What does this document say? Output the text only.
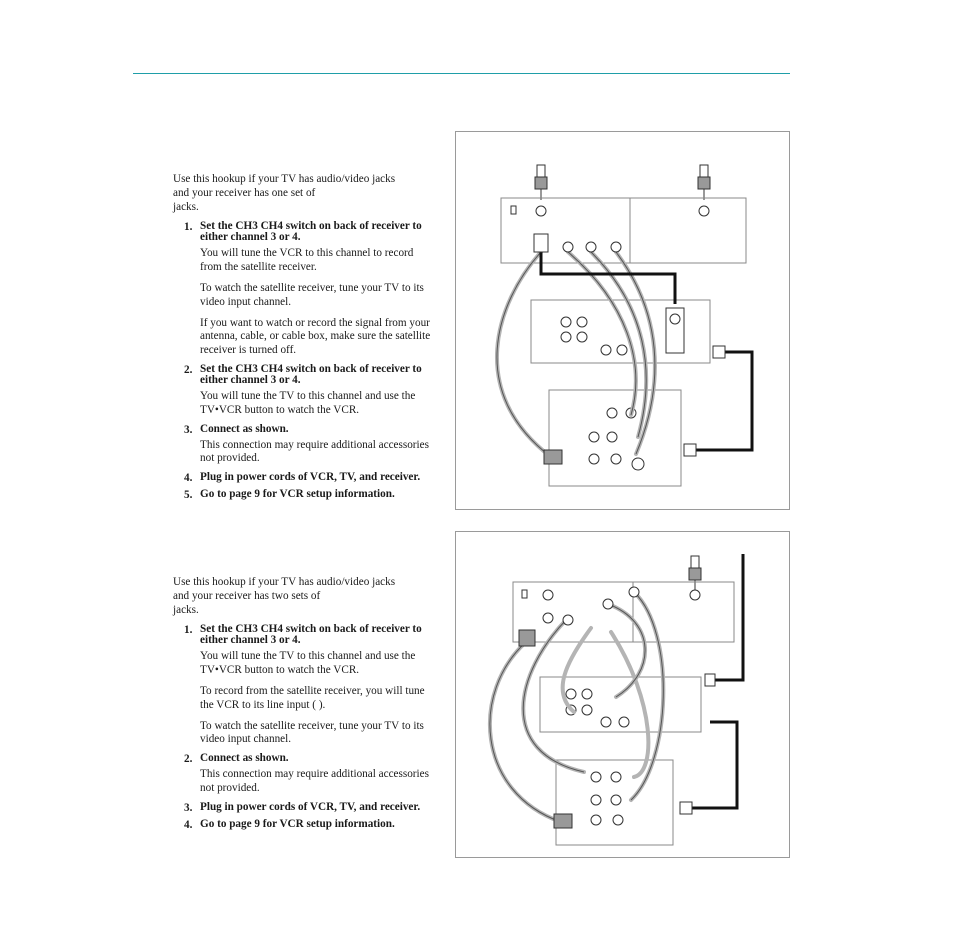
Use this hookup if your TV has audio/video jacks
and your receiver has one set of
jacks.

1. Set the CH3 CH4 switch on back of receiver to either channel 3 or 4.
You will tune the VCR to this channel to record from the satellite receiver.
To watch the satellite receiver, tune your TV to its video input channel.
If you want to watch or record the signal from your antenna, cable, or cable box, make sure the satellite receiver is turned off.
2. Set the CH3 CH4 switch on back of receiver to either channel 3 or 4.
You will tune the TV to this channel and use the TV•VCR button to watch the VCR.
3. Connect as shown.
This connection may require additional accessories not provided.
4. Plug in power cords of VCR, TV, and receiver.
5. Go to page 9 for VCR setup information.

Use this hookup if your TV has audio/video jacks
and your receiver has two sets of
jacks.

1. Set the CH3 CH4 switch on back of receiver to either channel 3 or 4.
You will tune the TV to this channel and use the TV•VCR button to watch the VCR.
To record from the satellite receiver, you will tune the VCR to its line input ( ).
To watch the satellite receiver, tune your TV to its video input channel.
2. Connect as shown.
This connection may require additional accessories not provided.
3. Plug in power cords of VCR, TV, and receiver.
4. Go to page 9 for VCR setup information.
